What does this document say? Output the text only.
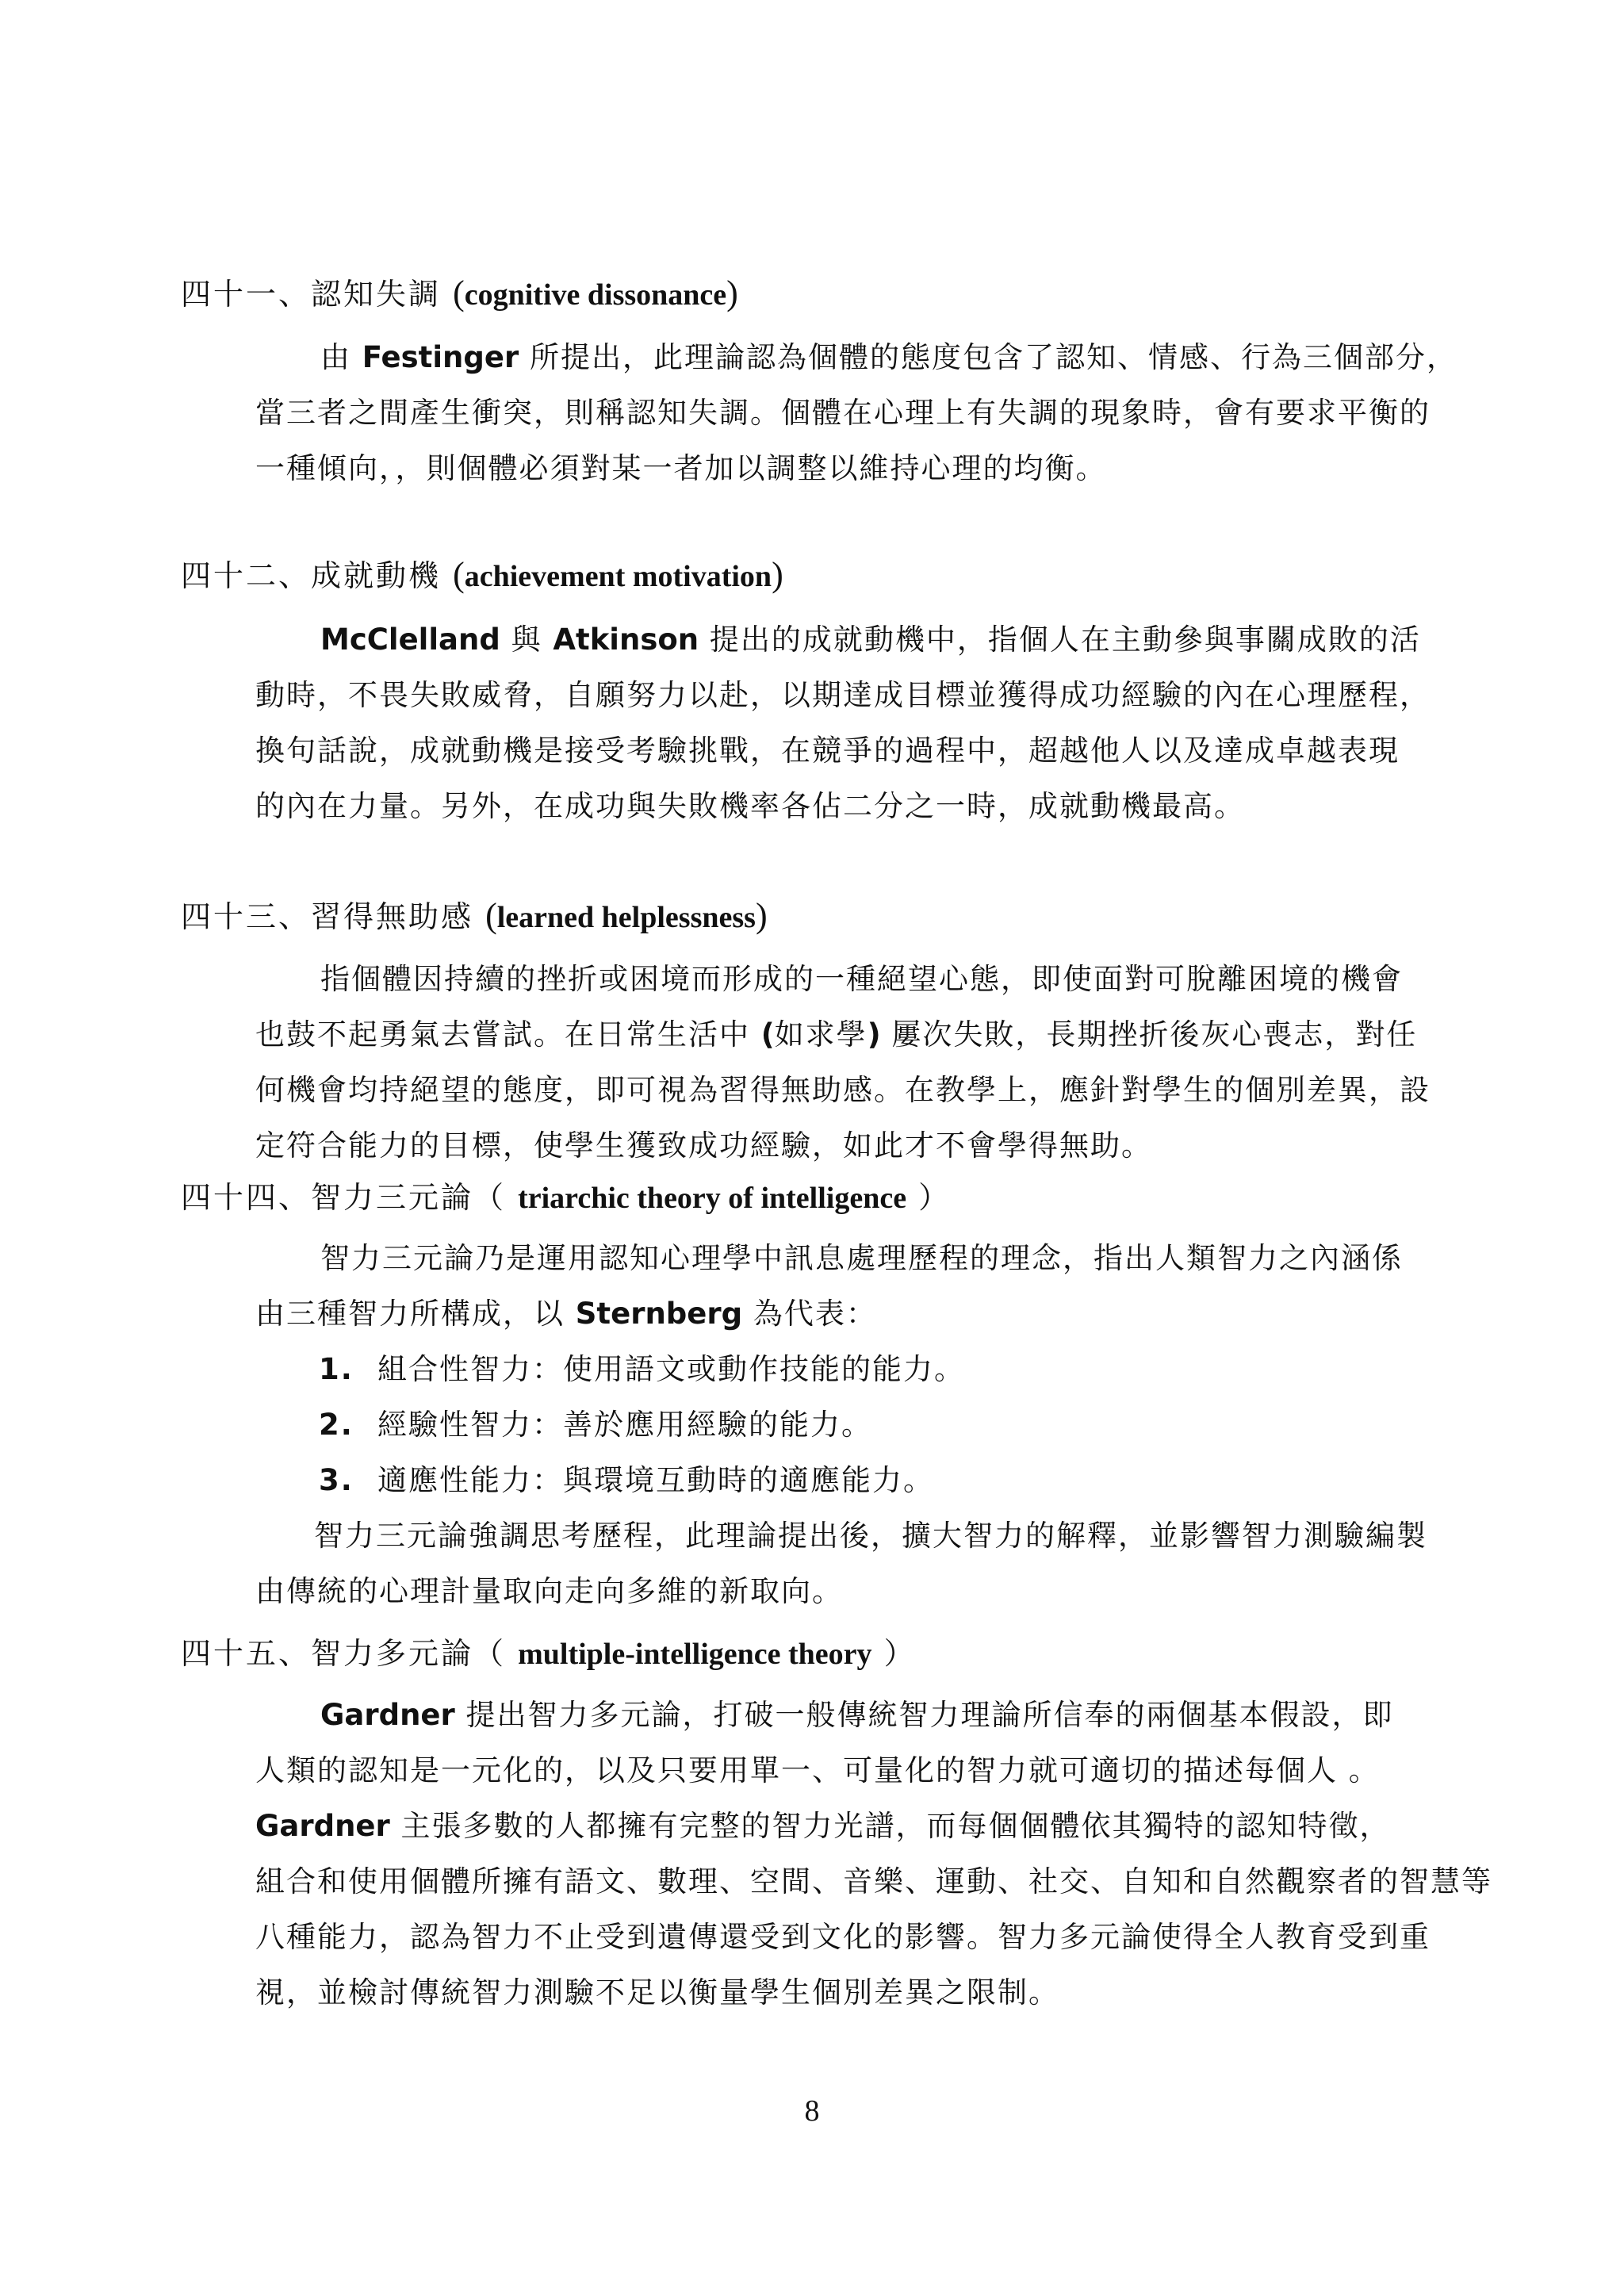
四十一、認知失調 (cognitive dissonance)
由 Festinger 所提出，此理論認為個體的態度包含了認知、情感、行為三個部分，
當三者之間產生衝突，則稱認知失調。個體在心理上有失調的現象時，會有要求平衡的
一種傾向，，則個體必須對某一者加以調整以維持心理的均衡。
四十二、成就動機 (achievement motivation)
McClelland 與 Atkinson 提出的成就動機中，指個人在主動參與事關成敗的活
動時，不畏失敗威脅，自願努力以赴，以期達成目標並獲得成功經驗的內在心理歷程，
換句話說，成就動機是接受考驗挑戰，在競爭的過程中，超越他人以及達成卓越表現
的內在力量。另外，在成功與失敗機率各佔二分之一時，成就動機最高。
四十三、習得無助感 (learned helplessness)
指個體因持續的挫折或困境而形成的一種絕望心態，即使面對可脫離困境的機會
也鼓不起勇氣去嘗試。在日常生活中 (如求學) 屢次失敗，長期挫折後灰心喪志，對任
何機會均持絕望的態度，即可視為習得無助感。在教學上，應針對學生的個別差異，設
定符合能力的目標，使學生獲致成功經驗，如此才不會學得無助。
四十四、智力三元論（ triarchic theory of intelligence ）
智力三元論乃是運用認知心理學中訊息處理歷程的理念，指出人類智力之內涵係
由三種智力所構成，以 Sternberg 為代表：
1. 組合性智力：使用語文或動作技能的能力。
2. 經驗性智力：善於應用經驗的能力。
3. 適應性能力：與環境互動時的適應能力。
智力三元論強調思考歷程，此理論提出後，擴大智力的解釋，並影響智力測驗編製
由傳統的心理計量取向走向多維的新取向。
四十五、智力多元論（ multiple-intelligence theory ）
Gardner 提出智力多元論，打破一般傳統智力理論所信奉的兩個基本假設，即
人類的認知是一元化的，以及只要用單一、可量化的智力就可適切的描述每個人 。
Gardner 主張多數的人都擁有完整的智力光譜，而每個個體依其獨特的認知特徵，
組合和使用個體所擁有語文、數理、空間、音樂、運動、社交、自知和自然觀察者的智慧等
八種能力，認為智力不止受到遺傳還受到文化的影響。智力多元論使得全人教育受到重
視，並檢討傳統智力測驗不足以衡量學生個別差異之限制。
8
